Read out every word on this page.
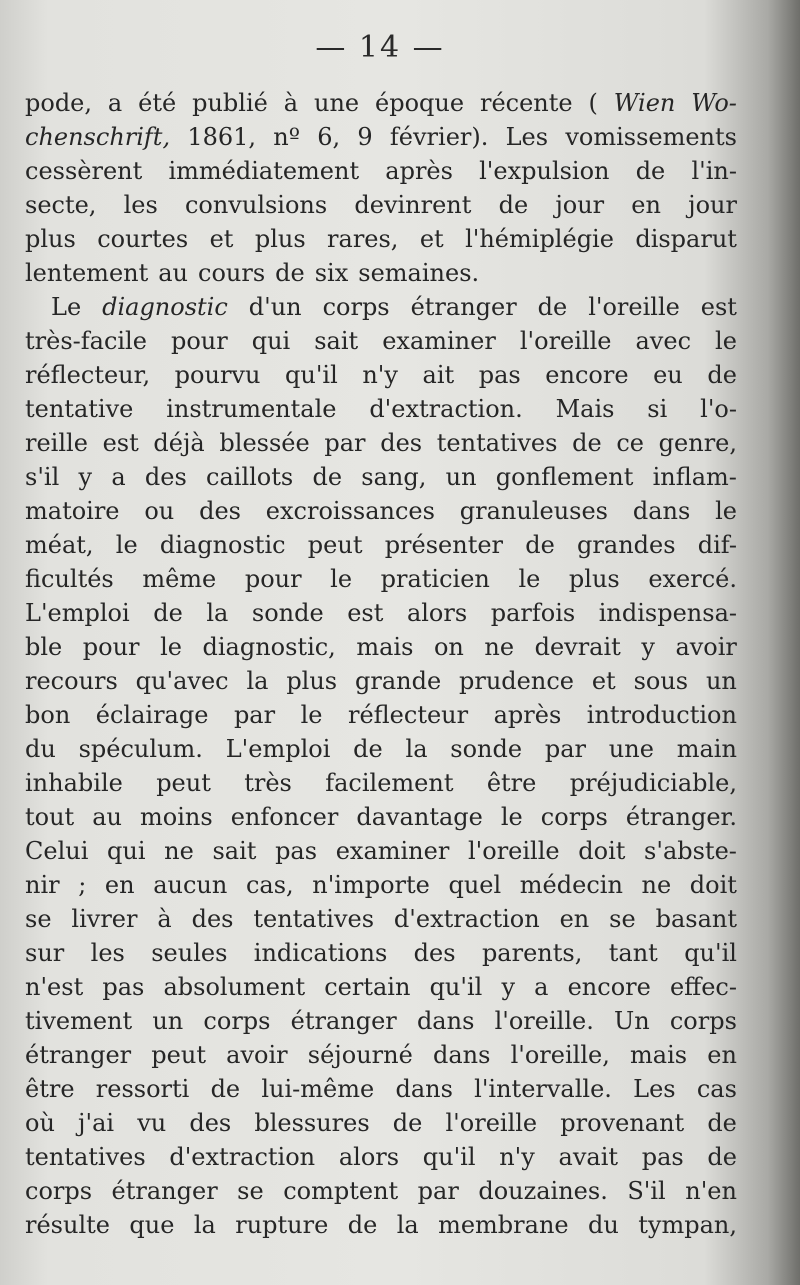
— 14 —
pode, a été publié à une époque récente ( Wien Wo-
chenschrift, 1861, nº 6, 9 février). Les vomissements
cessèrent immédiatement après l'expulsion de l'in-
secte, les convulsions devinrent de jour en jour
plus courtes et plus rares, et l'hémiplégie disparut
lentement au cours de six semaines.
Le diagnostic d'un corps étranger de l'oreille est
très-facile pour qui sait examiner l'oreille avec le
réflecteur, pourvu qu'il n'y ait pas encore eu de
tentative instrumentale d'extraction. Mais si l'o-
reille est déjà blessée par des tentatives de ce genre,
s'il y a des caillots de sang, un gonflement inflam-
matoire ou des excroissances granuleuses dans le
méat, le diagnostic peut présenter de grandes dif-
ficultés même pour le praticien le plus exercé.
L'emploi de la sonde est alors parfois indispensa-
ble pour le diagnostic, mais on ne devrait y avoir
recours qu'avec la plus grande prudence et sous un
bon éclairage par le réflecteur après introduction
du spéculum. L'emploi de la sonde par une main
inhabile peut très facilement être préjudiciable,
tout au moins enfoncer davantage le corps étranger.
Celui qui ne sait pas examiner l'oreille doit s'abste-
nir ; en aucun cas, n'importe quel médecin ne doit
se livrer à des tentatives d'extraction en se basant
sur les seules indications des parents, tant qu'il
n'est pas absolument certain qu'il y a encore effec-
tivement un corps étranger dans l'oreille. Un corps
étranger peut avoir séjourné dans l'oreille, mais en
être ressorti de lui-même dans l'intervalle. Les cas
où j'ai vu des blessures de l'oreille provenant de
tentatives d'extraction alors qu'il n'y avait pas de
corps étranger se comptent par douzaines. S'il n'en
résulte que la rupture de la membrane du tympan,
